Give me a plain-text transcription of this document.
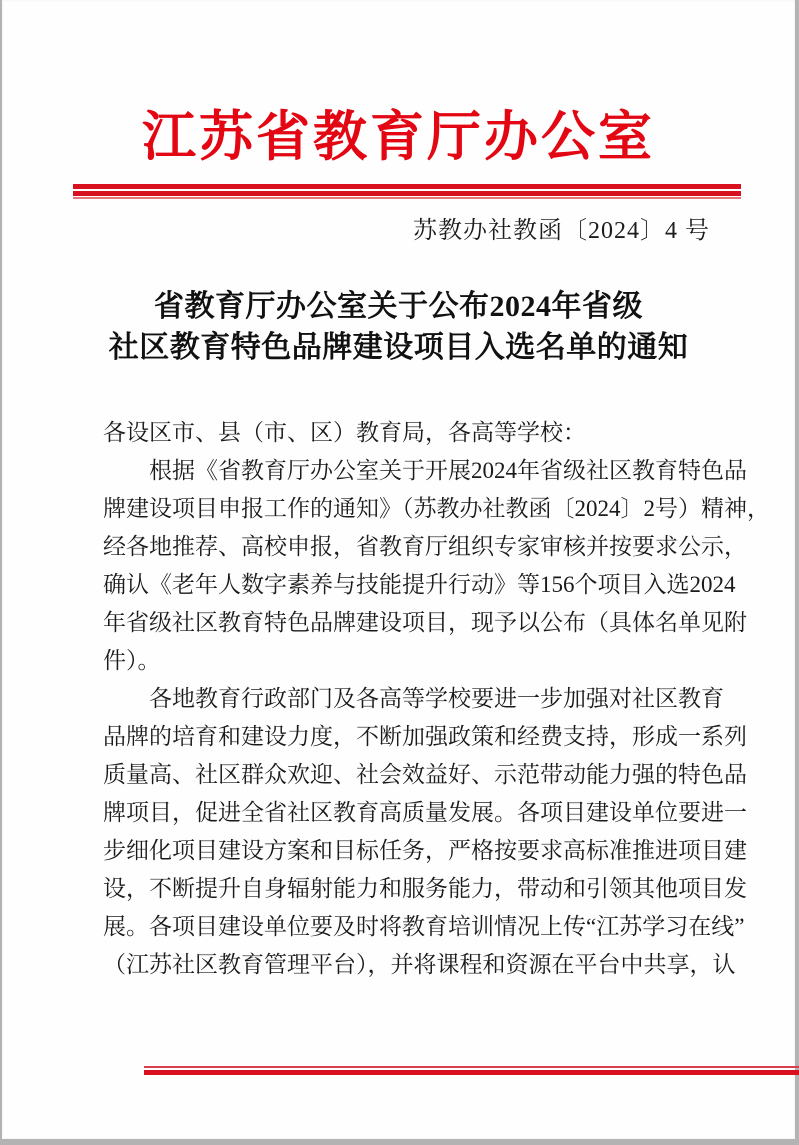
江苏省教育厅办公室
苏教办社教函〔2024〕4 号
省教育厅办公室关于公布2024年省级
社区教育特色品牌建设项目入选名单的通知
各设区市、县（市、区）教育局，各高等学校：
根据《省教育厅办公室关于开展2024年省级社区教育特色品
牌建设项目申报工作的通知》（苏教办社教函〔2024〕2号）精神，
经各地推荐、高校申报，省教育厅组织专家审核并按要求公示，
确认《老年人数字素养与技能提升行动》等156个项目入选2024
年省级社区教育特色品牌建设项目，现予以公布（具体名单见附
件）。
各地教育行政部门及各高等学校要进一步加强对社区教育
品牌的培育和建设力度，不断加强政策和经费支持，形成一系列
质量高、社区群众欢迎、社会效益好、示范带动能力强的特色品
牌项目，促进全省社区教育高质量发展。各项目建设单位要进一
步细化项目建设方案和目标任务，严格按要求高标准推进项目建
设，不断提升自身辐射能力和服务能力，带动和引领其他项目发
展。各项目建设单位要及时将教育培训情况上传“江苏学习在线”
（江苏社区教育管理平台），并将课程和资源在平台中共享，认
